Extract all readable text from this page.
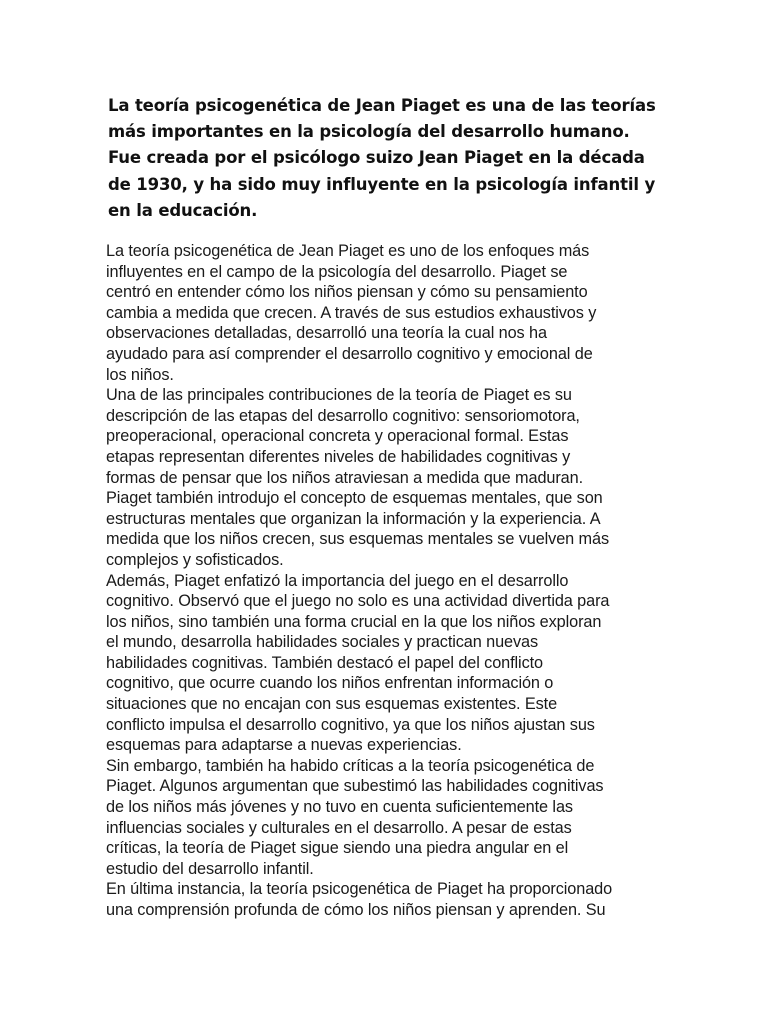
La teoría psicogenética de Jean Piaget es una de las teorías
más importantes en la psicología del desarrollo humano.
Fue creada por el psicólogo suizo Jean Piaget en la década
de 1930, y ha sido muy influyente en la psicología infantil y
en la educación.
La teoría psicogenética de Jean Piaget es uno de los enfoques más
influyentes en el campo de la psicología del desarrollo. Piaget se
centró en entender cómo los niños piensan y cómo su pensamiento
cambia a medida que crecen. A través de sus estudios exhaustivos y
observaciones detalladas, desarrolló una teoría la cual nos ha
ayudado para así comprender el desarrollo cognitivo y emocional de
los niños.
Una de las principales contribuciones de la teoría de Piaget es su
descripción de las etapas del desarrollo cognitivo: sensoriomotora,
preoperacional, operacional concreta y operacional formal. Estas
etapas representan diferentes niveles de habilidades cognitivas y
formas de pensar que los niños atraviesan a medida que maduran.
Piaget también introdujo el concepto de esquemas mentales, que son
estructuras mentales que organizan la información y la experiencia. A
medida que los niños crecen, sus esquemas mentales se vuelven más
complejos y sofisticados.
Además, Piaget enfatizó la importancia del juego en el desarrollo
cognitivo. Observó que el juego no solo es una actividad divertida para
los niños, sino también una forma crucial en la que los niños exploran
el mundo, desarrolla habilidades sociales y practican nuevas
habilidades cognitivas. También destacó el papel del conflicto
cognitivo, que ocurre cuando los niños enfrentan información o
situaciones que no encajan con sus esquemas existentes. Este
conflicto impulsa el desarrollo cognitivo, ya que los niños ajustan sus
esquemas para adaptarse a nuevas experiencias.
Sin embargo, también ha habido críticas a la teoría psicogenética de
Piaget. Algunos argumentan que subestimó las habilidades cognitivas
de los niños más jóvenes y no tuvo en cuenta suficientemente las
influencias sociales y culturales en el desarrollo. A pesar de estas
críticas, la teoría de Piaget sigue siendo una piedra angular en el
estudio del desarrollo infantil.
En última instancia, la teoría psicogenética de Piaget ha proporcionado
una comprensión profunda de cómo los niños piensan y aprenden. Su
